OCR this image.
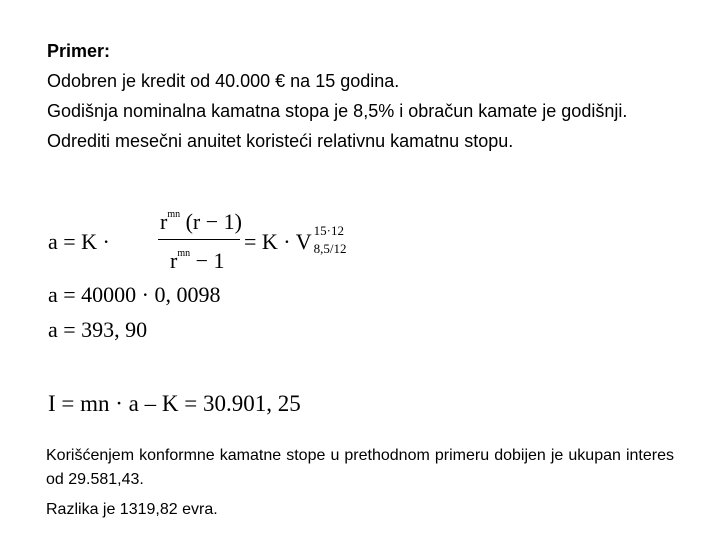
Primer:

Odobren je kredit od 40.000 € na 15 godina.

Godišnja nominalna kamatna stopa je 8,5% i obračun kamate je godišnji.

Odrediti mesečni anuitet koristeći relativnu kamatnu stopu.

a = K ·
$r^{mn}$ (r − 1)
$r^{mn} - 1$
= K · V 15·12
8,5/12
a = 40000 · 0, 0098
a = 393, 90
I = mn · a – K = 30.901, 25

Korišćenjem konformne kamatne stope u prethodnom primeru dobijen je ukupan interes od 29.581,43.

Razlika je 1319,82 evra.
